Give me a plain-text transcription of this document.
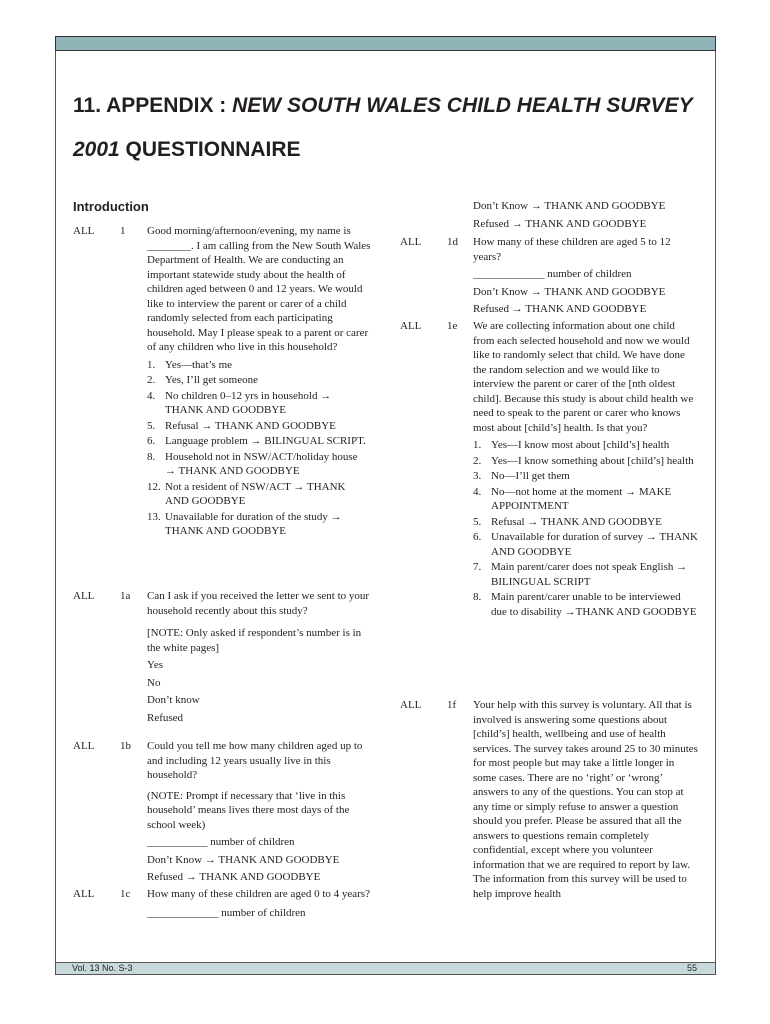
11. APPENDIX : NEW SOUTH WALES CHILD HEALTH SURVEY 2001 QUESTIONNAIRE
Introduction
ALL 1 Good morning/afternoon/evening, my name is ________. I am calling from the New South Wales Department of Health. We are conducting an important statewide study about the health of children aged between 0 and 12 years. We would like to interview the parent or carer of a child randomly selected from each participating household. May I please speak to a parent or carer of any children who live in this household?

1. Yes—that’s me
2. Yes, I’ll get someone
4. No children 0–12 yrs in household → THANK AND GOODBYE
5. Refusal → THANK AND GOODBYE
6. Language problem → BILINGUAL SCRIPT.
8. Household not in NSW/ACT/holiday house → THANK AND GOODBYE
12. Not a resident of NSW/ACT → THANK AND GOODBYE
13. Unavailable for duration of the study → THANK AND GOODBYE
ALL 1a Can I ask if you received the letter we sent to your household recently about this study?

[NOTE: Only asked if respondent’s number is in the white pages]

Yes

No

Don’t know

Refused

ALL 1b Could you tell me how many children aged up to and including 12 years usually live in this household?

(NOTE: Prompt if necessary that ‘live in this household’ means lives there most days of the school week)

___________ number of children

Don’t Know → THANK AND GOODBYE

Refused → THANK AND GOODBYE

ALL 1c How many of these children are aged 0 to 4 years?

_____________ number of children

Don’t Know → THANK AND GOODBYE

Refused → THANK AND GOODBYE

ALL 1d How many of these children are aged 5 to 12 years?

_____________ number of children

Don’t Know → THANK AND GOODBYE

Refused → THANK AND GOODBYE

ALL 1e We are collecting information about one child from each selected household and now we would like to randomly select that child. We have done the random selection and we would like to interview the parent or carer of the [nth oldest child]. Because this study is about child health we need to speak to the parent or carer who knows most about [child’s] health. Is that you?

1. Yes—I know most about [child’s] health
2. Yes—I know something about [child’s] health
3. No—I’ll get them
4. No—not home at the moment → MAKE APPOINTMENT
5. Refusal → THANK AND GOODBYE
6. Unavailable for duration of survey → THANK AND GOODBYE
7. Main parent/carer does not speak English → BILINGUAL SCRIPT
8. Main parent/carer unable to be interviewed due to disability →THANK AND GOODBYE
ALL 1f Your help with this survey is voluntary. All that is involved is answering some questions about [child’s] health, wellbeing and use of health services. The survey takes around 25 to 30 minutes for most people but may take a little longer in some cases. There are no ‘right’ or ‘wrong’ answers to any of the questions. You can stop at any time or simply refuse to answer a question should you prefer. Please be assured that all the answers to questions remain completely confidential, except where you volunteer information that we are required to report by law. The information from this survey will be used to help improve health

Vol. 13 No. S-3	55
